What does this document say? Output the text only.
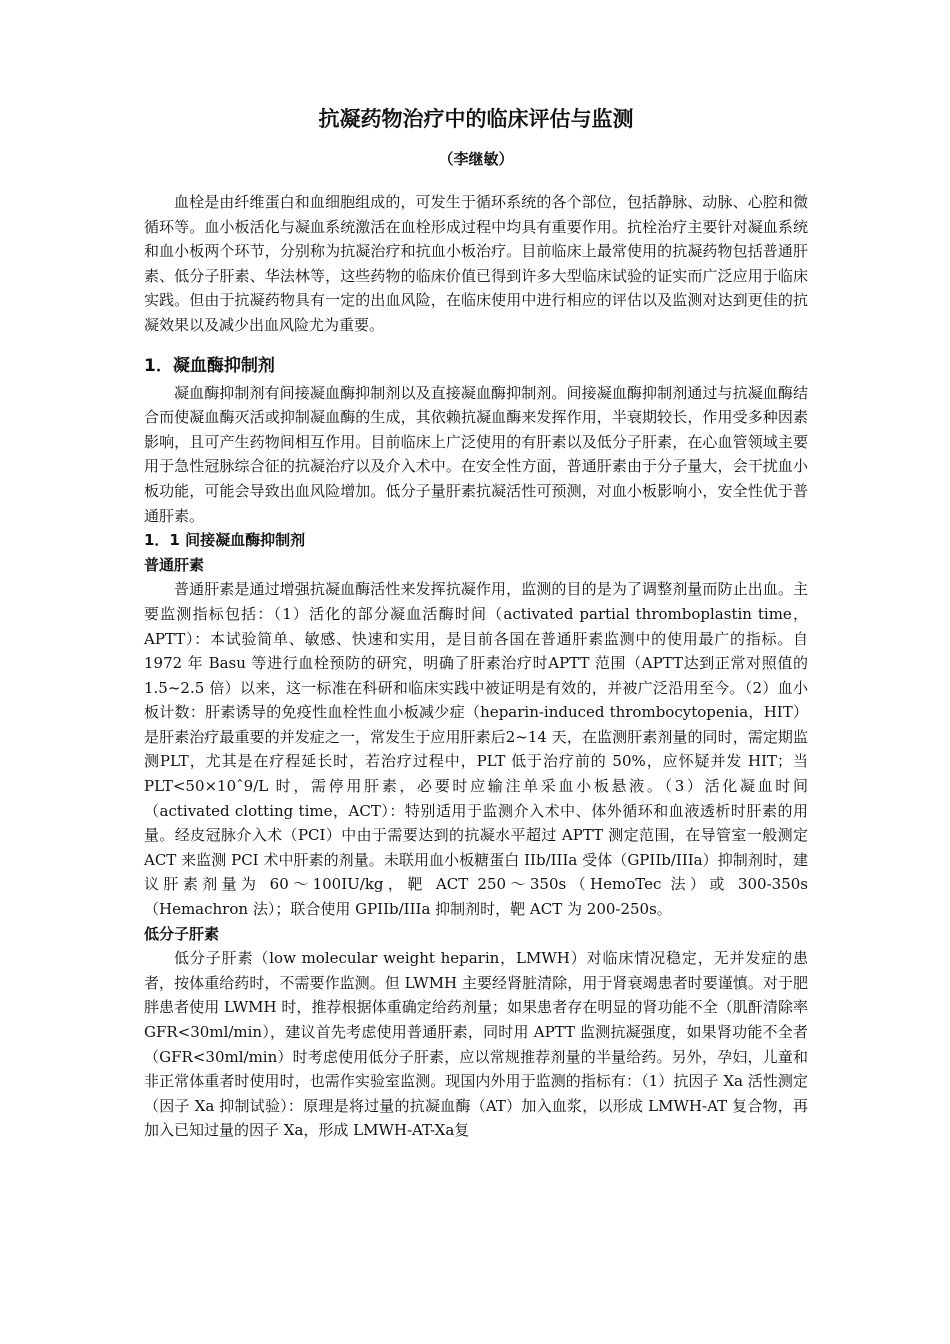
抗凝药物治疗中的临床评估与监测
（李继敏）

血栓是由纤维蛋白和血细胞组成的，可发生于循环系统的各个部位，包括静脉、动脉、心腔和微循环等。血小板活化与凝血系统激活在血栓形成过程中均具有重要作用。抗栓治疗主要针对凝血系统和血小板两个环节，分别称为抗凝治疗和抗血小板治疗。目前临床上最常使用的抗凝药物包括普通肝素、低分子肝素、华法林等，这些药物的临床价值已得到许多大型临床试验的证实而广泛应用于临床实践。但由于抗凝药物具有一定的出血风险，在临床使用中进行相应的评估以及监测对达到更佳的抗凝效果以及减少出血风险尤为重要。

1．凝血酶抑制剂

凝血酶抑制剂有间接凝血酶抑制剂以及直接凝血酶抑制剂。间接凝血酶抑制剂通过与抗凝血酶结合而使凝血酶灭活或抑制凝血酶的生成，其依赖抗凝血酶来发挥作用，半衰期较长，作用受多种因素影响，且可产生药物间相互作用。目前临床上广泛使用的有肝素以及低分子肝素，在心血管领域主要用于急性冠脉综合征的抗凝治疗以及介入术中。在安全性方面，普通肝素由于分子量大，会干扰血小板功能，可能会导致出血风险增加。低分子量肝素抗凝活性可预测，对血小板影响小，安全性优于普通肝素。

1．1 间接凝血酶抑制剂
普通肝素

普通肝素是通过增强抗凝血酶活性来发挥抗凝作用，监测的目的是为了调整剂量而防止出血。主要监测指标包括：（1）活化的部分凝血活酶时间（activated partial thromboplastin time，APTT）：本试验简单、敏感、快速和实用，是目前各国在普通肝素监测中的使用最广的指标。自 1972 年 Basu 等进行血栓预防的研究，明确了肝素治疗时APTT 范围（APTT达到正常对照值的 1.5~2.5 倍）以来，这一标准在科研和临床实践中被证明是有效的，并被广泛沿用至今。（2）血小板计数：肝素诱导的免疫性血栓性血小板减少症（heparin-induced thrombocytopenia，HIT）是肝素治疗最重要的并发症之一，常发生于应用肝素后2~14 天，在监测肝素剂量的同时，需定期监测PLT，尤其是在疗程延长时，若治疗过程中，PLT 低于治疗前的 50%，应怀疑并发 HIT；当 PLT<50×10ˆ9/L 时，需停用肝素，必要时应输注单采血小板悬液。（3）活化凝血时间（activated clotting time，ACT）：特别适用于监测介入术中、体外循环和血液透析时肝素的用量。经皮冠脉介入术（PCI）中由于需要达到的抗凝水平超过 APTT 测定范围，在导管室一般测定 ACT 来监测 PCI 术中肝素的剂量。未联用血小板糖蛋白 IIb/IIIa 受体（GPIIb/IIIa）抑制剂时，建议肝素剂量为 60～100IU/kg，靶 ACT 250～350s（HemoTec 法）或 300-350s（Hemachron 法）；联合使用 GPIIb/IIIa 抑制剂时，靶 ACT 为 200-250s。

低分子肝素

低分子肝素（low molecular weight heparin，LMWH）对临床情况稳定，无并发症的患者，按体重给药时，不需要作监测。但 LWMH 主要经肾脏清除，用于肾衰竭患者时要谨慎。对于肥胖患者使用 LWMH 时，推荐根据体重确定给药剂量；如果患者存在明显的肾功能不全（肌酐清除率 GFR<30ml/min），建议首先考虑使用普通肝素，同时用 APTT 监测抗凝强度，如果肾功能不全者（GFR<30ml/min）时考虑使用低分子肝素，应以常规推荐剂量的半量给药。另外，孕妇，儿童和非正常体重者时使用时，也需作实验室监测。现国内外用于监测的指标有：（1）抗因子 Xa 活性测定（因子 Xa 抑制试验）：原理是将过量的抗凝血酶（AT）加入血浆，以形成 LMWH-AT 复合物，再加入已知过量的因子 Xa，形成 LMWH-AT-Xa复
